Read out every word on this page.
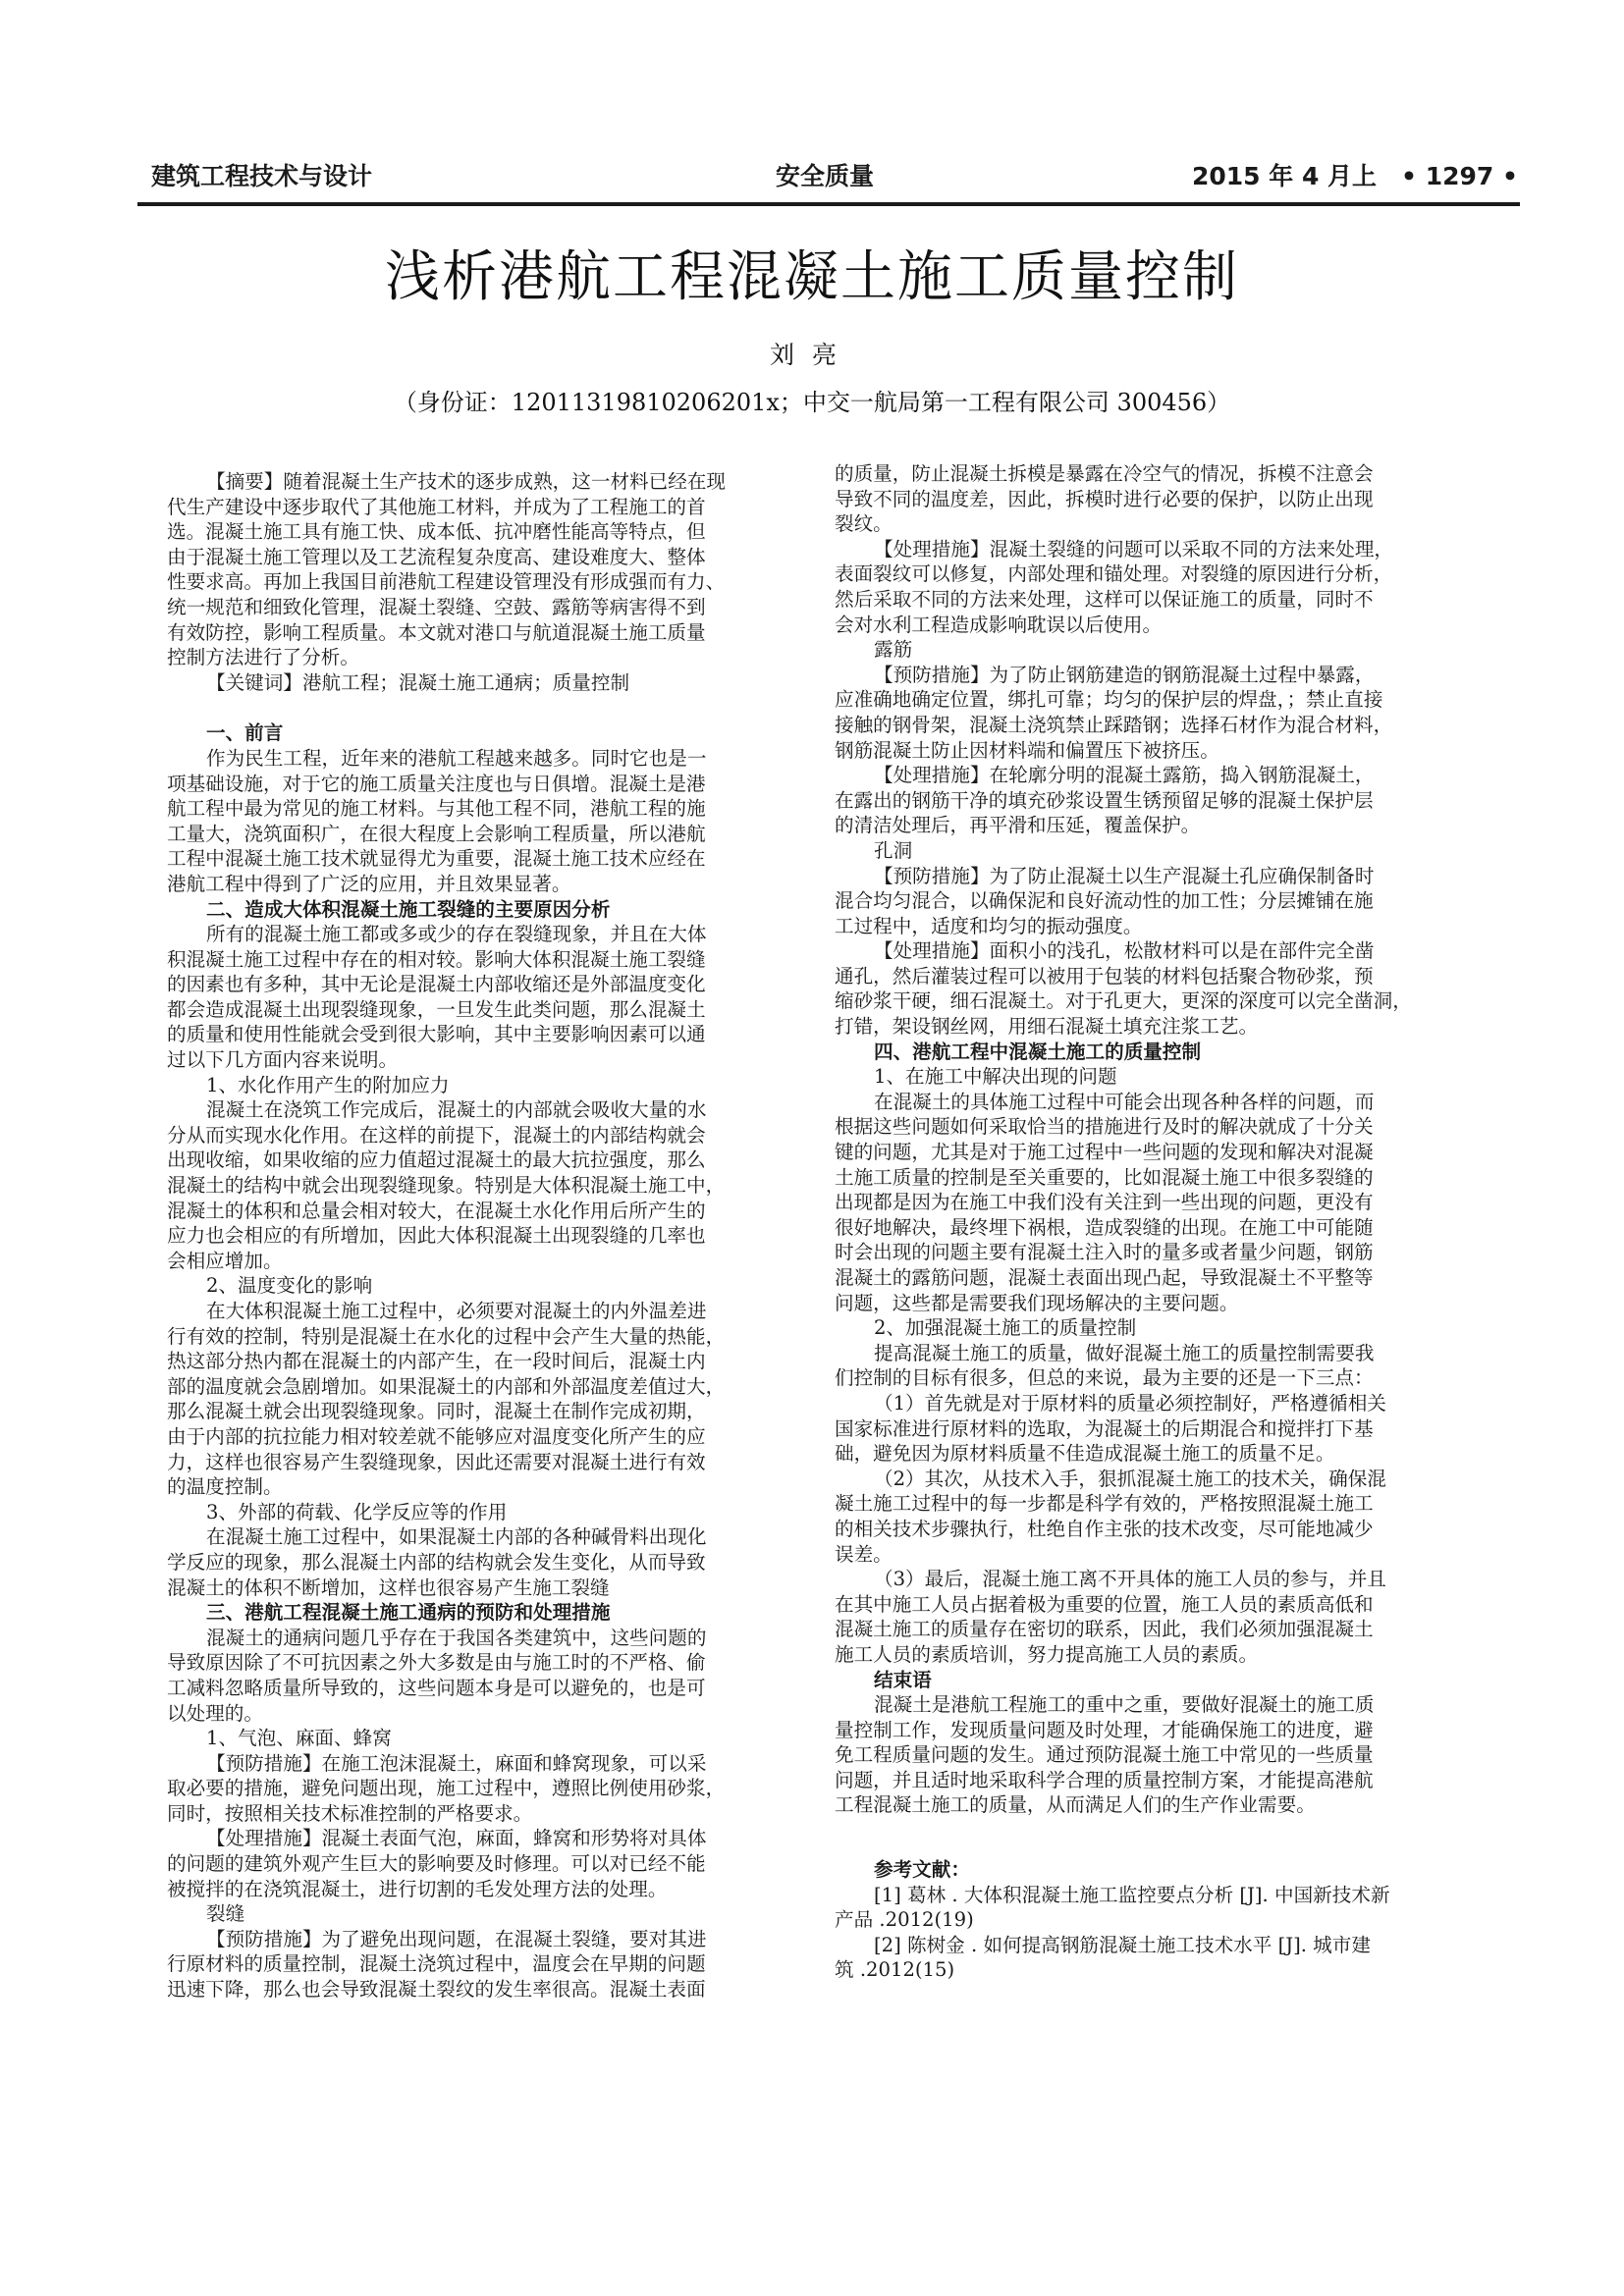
建筑工程技术与设计	安全质量	2015 年 4 月上　• 1297 •
浅析港航工程混凝土施工质量控制
刘亮
（身份证：12011319810206201x；中交一航局第一工程有限公司 300456）
【摘要】随着混凝土生产技术的逐步成熟，这一材料已经在现
代生产建设中逐步取代了其他施工材料，并成为了工程施工的首
选。混凝土施工具有施工快、成本低、抗冲磨性能高等特点，但
由于混凝土施工管理以及工艺流程复杂度高、建设难度大、整体
性要求高。再加上我国目前港航工程建设管理没有形成强而有力、
统一规范和细致化管理，混凝土裂缝、空鼓、露筋等病害得不到
有效防控，影响工程质量。本文就对港口与航道混凝土施工质量
控制方法进行了分析。
【关键词】港航工程；混凝土施工通病；质量控制
一、前言
作为民生工程，近年来的港航工程越来越多。同时它也是一
项基础设施，对于它的施工质量关注度也与日俱增。混凝土是港
航工程中最为常见的施工材料。与其他工程不同，港航工程的施
工量大，浇筑面积广，在很大程度上会影响工程质量，所以港航
工程中混凝土施工技术就显得尤为重要，混凝土施工技术应经在
港航工程中得到了广泛的应用，并且效果显著。
二、造成大体积混凝土施工裂缝的主要原因分析
所有的混凝土施工都或多或少的存在裂缝现象，并且在大体
积混凝土施工过程中存在的相对较。影响大体积混凝土施工裂缝
的因素也有多种，其中无论是混凝土内部收缩还是外部温度变化
都会造成混凝土出现裂缝现象，一旦发生此类问题，那么混凝土
的质量和使用性能就会受到很大影响，其中主要影响因素可以通
过以下几方面内容来说明。
1、水化作用产生的附加应力
混凝土在浇筑工作完成后，混凝土的内部就会吸收大量的水
分从而实现水化作用。在这样的前提下，混凝土的内部结构就会
出现收缩，如果收缩的应力值超过混凝土的最大抗拉强度，那么
混凝土的结构中就会出现裂缝现象。特别是大体积混凝土施工中，
混凝土的体积和总量会相对较大，在混凝土水化作用后所产生的
应力也会相应的有所增加，因此大体积混凝土出现裂缝的几率也
会相应增加。
2、温度变化的影响
在大体积混凝土施工过程中，必须要对混凝土的内外温差进
行有效的控制，特别是混凝土在水化的过程中会产生大量的热能，
热这部分热内都在混凝土的内部产生，在一段时间后，混凝土内
部的温度就会急剧增加。如果混凝土的内部和外部温度差值过大，
那么混凝土就会出现裂缝现象。同时，混凝土在制作完成初期，
由于内部的抗拉能力相对较差就不能够应对温度变化所产生的应
力，这样也很容易产生裂缝现象，因此还需要对混凝土进行有效
的温度控制。
3、外部的荷载、化学反应等的作用
在混凝土施工过程中，如果混凝土内部的各种碱骨料出现化
学反应的现象，那么混凝土内部的结构就会发生变化，从而导致
混凝土的体积不断增加，这样也很容易产生施工裂缝
三、港航工程混凝土施工通病的预防和处理措施
混凝土的通病问题几乎存在于我国各类建筑中，这些问题的
导致原因除了不可抗因素之外大多数是由与施工时的不严格、偷
工减料忽略质量所导致的，这些问题本身是可以避免的，也是可
以处理的。
1、气泡、麻面、蜂窝
【预防措施】在施工泡沫混凝土，麻面和蜂窝现象，可以采
取必要的措施，避免问题出现，施工过程中，遵照比例使用砂浆，
同时，按照相关技术标准控制的严格要求。
【处理措施】混凝土表面气泡，麻面，蜂窝和形势将对具体
的问题的建筑外观产生巨大的影响要及时修理。可以对已经不能
被搅拌的在浇筑混凝土，进行切割的毛发处理方法的处理。
裂缝
【预防措施】为了避免出现问题，在混凝土裂缝，要对其进
行原材料的质量控制，混凝土浇筑过程中，温度会在早期的问题
迅速下降，那么也会导致混凝土裂纹的发生率很高。混凝土表面
的质量，防止混凝土拆模是暴露在冷空气的情况，拆模不注意会
导致不同的温度差，因此，拆模时进行必要的保护，以防止出现
裂纹。
【处理措施】混凝土裂缝的问题可以采取不同的方法来处理，
表面裂纹可以修复，内部处理和锚处理。对裂缝的原因进行分析，
然后采取不同的方法来处理，这样可以保证施工的质量，同时不
会对水利工程造成影响耽误以后使用。
露筋
【预防措施】为了防止钢筋建造的钢筋混凝土过程中暴露，
应准确地确定位置，绑扎可靠；均匀的保护层的焊盘，；禁止直接
接触的钢骨架，混凝土浇筑禁止踩踏钢；选择石材作为混合材料，
钢筋混凝土防止因材料端和偏置压下被挤压。
【处理措施】在轮廓分明的混凝土露筋，捣入钢筋混凝土，
在露出的钢筋干净的填充砂浆设置生锈预留足够的混凝土保护层
的清洁处理后，再平滑和压延，覆盖保护。
孔洞
【预防措施】为了防止混凝土以生产混凝土孔应确保制备时
混合均匀混合，以确保泥和良好流动性的加工性；分层摊铺在施
工过程中，适度和均匀的振动强度。
【处理措施】面积小的浅孔，松散材料可以是在部件完全凿
通孔，然后灌装过程可以被用于包装的材料包括聚合物砂浆，预
缩砂浆干硬，细石混凝土。对于孔更大，更深的深度可以完全凿洞，
打错，架设钢丝网，用细石混凝土填充注浆工艺。
四、港航工程中混凝土施工的质量控制
1、在施工中解决出现的问题
在混凝土的具体施工过程中可能会出现各种各样的问题，而
根据这些问题如何采取恰当的措施进行及时的解决就成了十分关
键的问题，尤其是对于施工过程中一些问题的发现和解决对混凝
土施工质量的控制是至关重要的，比如混凝土施工中很多裂缝的
出现都是因为在施工中我们没有关注到一些出现的问题，更没有
很好地解决，最终埋下祸根，造成裂缝的出现。在施工中可能随
时会出现的问题主要有混凝土注入时的量多或者量少问题，钢筋
混凝土的露筋问题，混凝土表面出现凸起，导致混凝土不平整等
问题，这些都是需要我们现场解决的主要问题。
2、加强混凝土施工的质量控制
提高混凝土施工的质量，做好混凝土施工的质量控制需要我
们控制的目标有很多，但总的来说，最为主要的还是一下三点：
（1）首先就是对于原材料的质量必须控制好，严格遵循相关
国家标准进行原材料的选取，为混凝土的后期混合和搅拌打下基
础，避免因为原材料质量不佳造成混凝土施工的质量不足。
（2）其次，从技术入手，狠抓混凝土施工的技术关，确保混
凝土施工过程中的每一步都是科学有效的，严格按照混凝土施工
的相关技术步骤执行，杜绝自作主张的技术改变，尽可能地减少
误差。
（3）最后，混凝土施工离不开具体的施工人员的参与，并且
在其中施工人员占据着极为重要的位置，施工人员的素质高低和
混凝土施工的质量存在密切的联系，因此，我们必须加强混凝土
施工人员的素质培训，努力提高施工人员的素质。
结束语
混凝土是港航工程施工的重中之重，要做好混凝土的施工质
量控制工作，发现质量问题及时处理，才能确保施工的进度，避
免工程质量问题的发生。通过预防混凝土施工中常见的一些质量
问题，并且适时地采取科学合理的质量控制方案，才能提高港航
工程混凝土施工的质量，从而满足人们的生产作业需要。
参考文献：
[1] 葛林 . 大体积混凝土施工监控要点分析 [J]. 中国新技术新
产品 .2012(19)
[2] 陈树金 . 如何提高钢筋混凝土施工技术水平 [J]. 城市建
筑 .2012(15)
